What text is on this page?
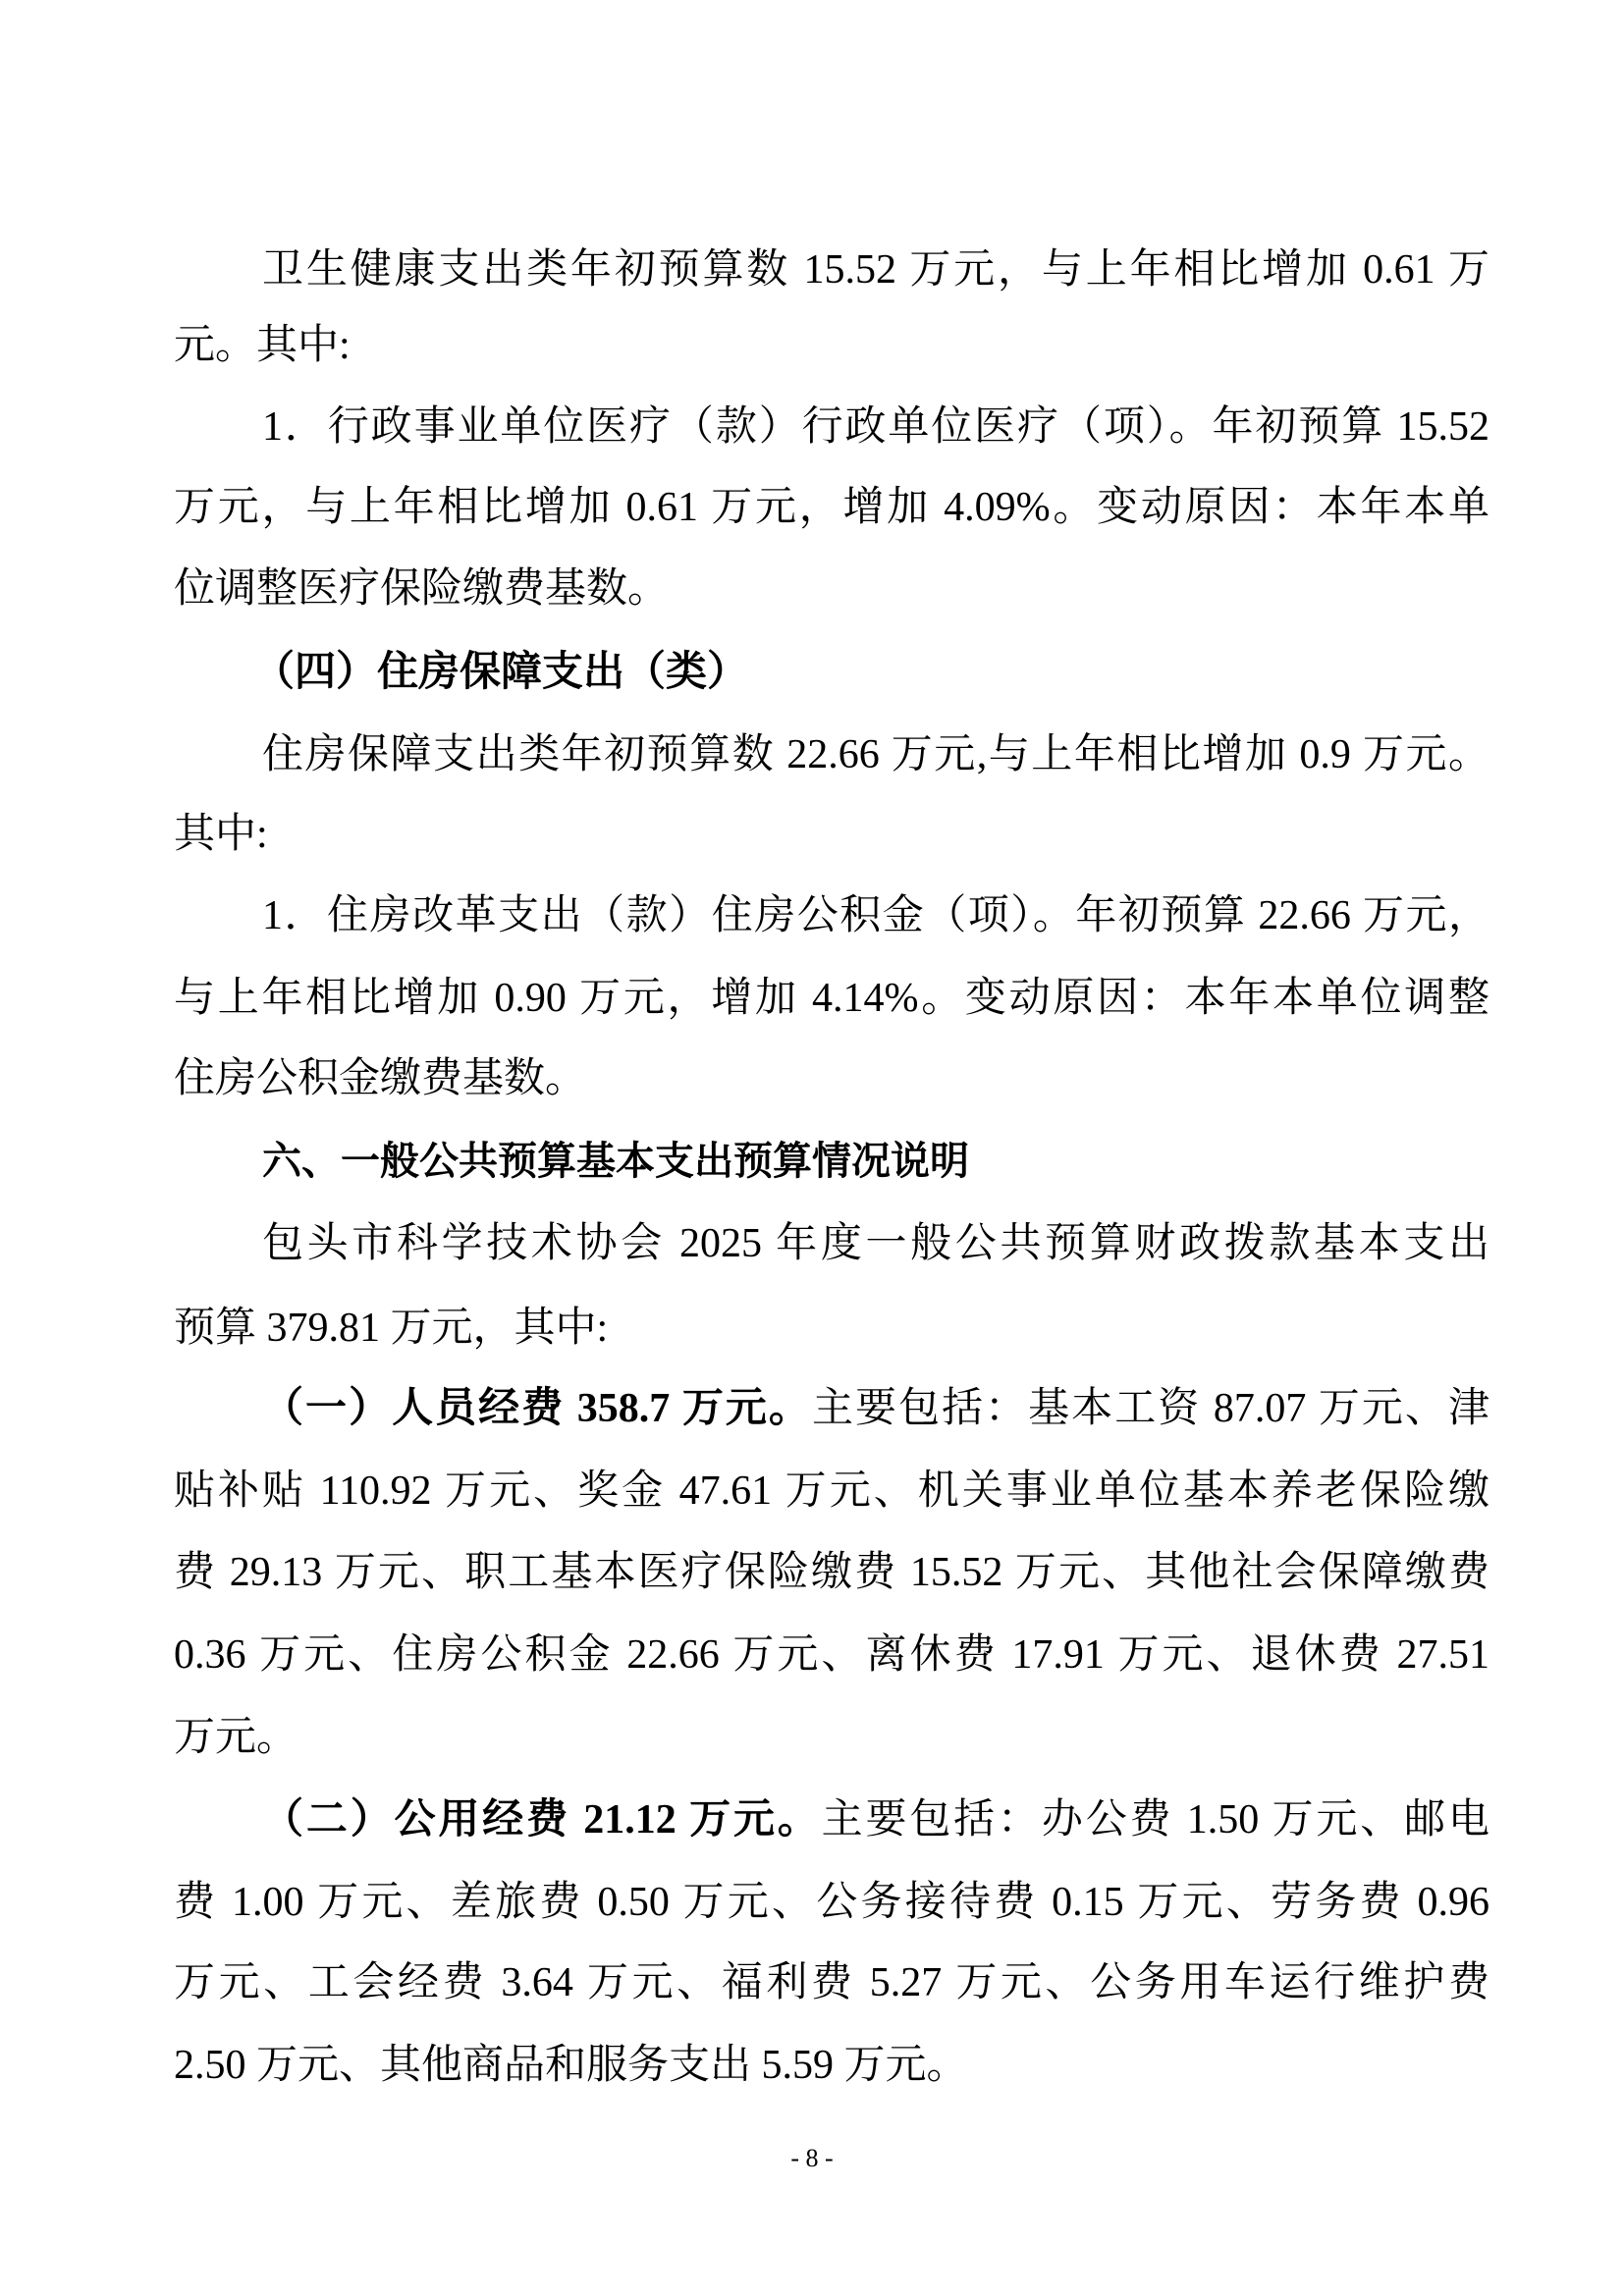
卫生健康支出类年初预算数 15.52 万元，与上年相比增加 0.61 万
元。其中:
1．行政事业单位医疗（款）行政单位医疗（项）。年初预算 15.52
万元，与上年相比增加 0.61 万元，增加 4.09%。变动原因：本年本单
位调整医疗保险缴费基数。
（四）住房保障支出（类）
住房保障支出类年初预算数 22.66 万元,与上年相比增加 0.9 万元。
其中:
1．住房改革支出（款）住房公积金（项）。年初预算 22.66 万元，
与上年相比增加 0.90 万元，增加 4.14%。变动原因：本年本单位调整
住房公积金缴费基数。
六、一般公共预算基本支出预算情况说明
包头市科学技术协会 2025 年度一般公共预算财政拨款基本支出
预算 379.81 万元，其中:
（一）人员经费 358.7 万元。主要包括：基本工资 87.07 万元、津
贴补贴 110.92 万元、奖金 47.61 万元、机关事业单位基本养老保险缴
费 29.13 万元、职工基本医疗保险缴费 15.52 万元、其他社会保障缴费
0.36 万元、住房公积金 22.66 万元、离休费 17.91 万元、退休费 27.51
万元。
（二）公用经费 21.12 万元。主要包括：办公费 1.50 万元、邮电
费 1.00 万元、差旅费 0.50 万元、公务接待费 0.15 万元、劳务费 0.96
万元、工会经费 3.64 万元、福利费 5.27 万元、公务用车运行维护费
2.50 万元、其他商品和服务支出 5.59 万元。
- 8 -
